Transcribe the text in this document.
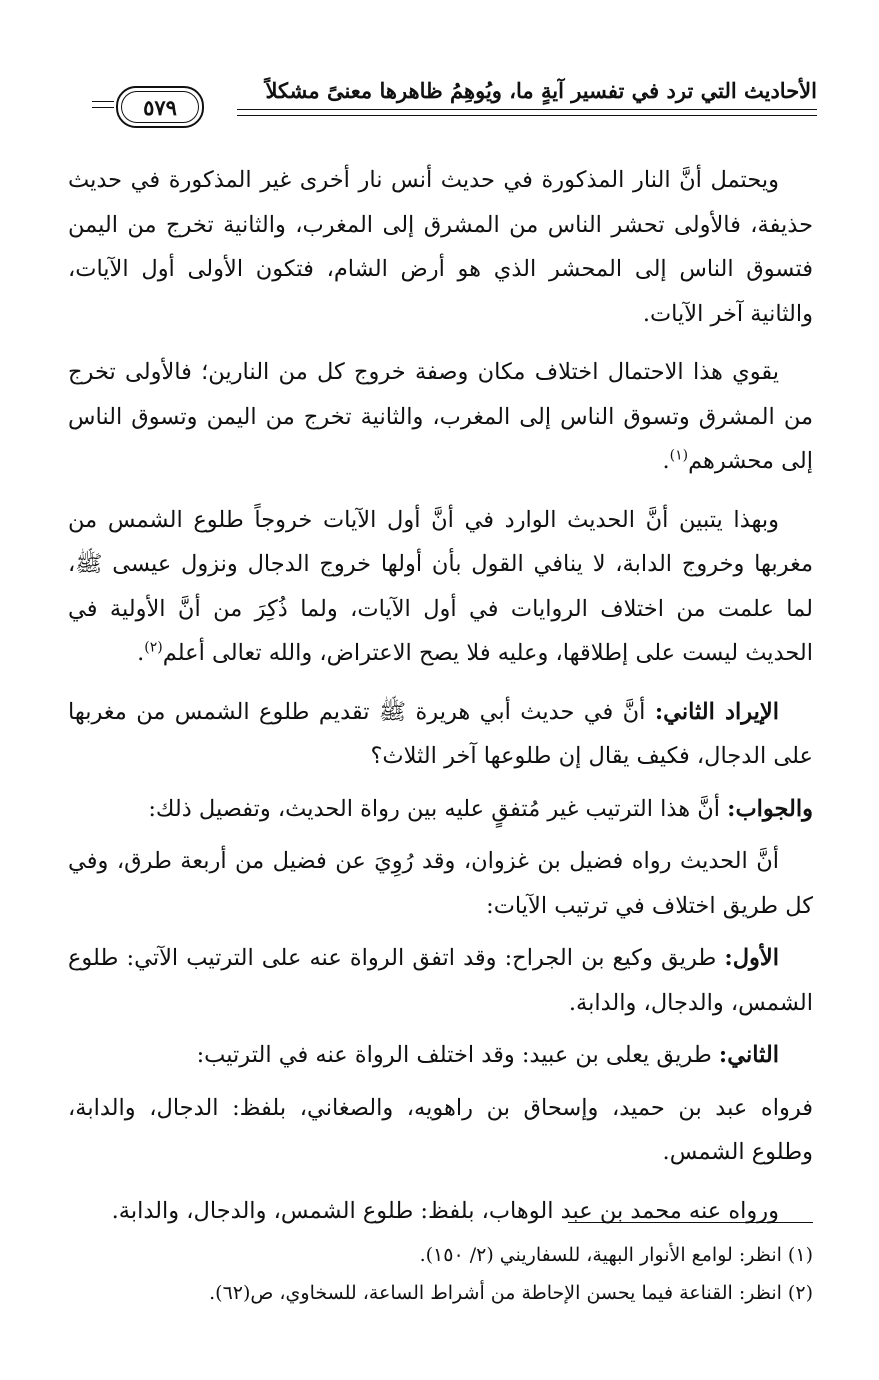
الأحاديث التي ترد في تفسير آيةٍ ما، ويُوهِمُ ظاهرها معنىً مشكلاً
٥٧٩

ويحتمل أنَّ النار المذكورة في حديث أنس نار أخرى غير المذكورة في حديث حذيفة، فالأولى تحشر الناس من المشرق إلى المغرب، والثانية تخرج من اليمن فتسوق الناس إلى المحشر الذي هو أرض الشام، فتكون الأولى أول الآيات، والثانية آخر الآيات.

يقوي هذا الاحتمال اختلاف مكان وصفة خروج كل من النارين؛ فالأولى تخرج من المشرق وتسوق الناس إلى المغرب، والثانية تخرج من اليمن وتسوق الناس إلى محشرهم$^{(١)}$.

وبهذا يتبين أنَّ الحديث الوارد في أنَّ أول الآيات خروجاً طلوع الشمس من مغربها وخروج الدابة، لا ينافي القول بأن أولها خروج الدجال ونزول عيسى ﷺ، لما علمت من اختلاف الروايات في أول الآيات، ولما ذُكِرَ من أنَّ الأولية في الحديث ليست على إطلاقها، وعليه فلا يصح الاعتراض، والله تعالى أعلم$^{(٢)}$.

الإيراد الثاني: أنَّ في حديث أبي هريرة ﷺ تقديم طلوع الشمس من مغربها على الدجال، فكيف يقال إن طلوعها آخر الثلاث؟

والجواب: أنَّ هذا الترتيب غير مُتفقٍ عليه بين رواة الحديث، وتفصيل ذلك:

أنَّ الحديث رواه فضيل بن غزوان، وقد رُوِيَ عن فضيل من أربعة طرق، وفي كل طريق اختلاف في ترتيب الآيات:

الأول: طريق وكيع بن الجراح: وقد اتفق الرواة عنه على الترتيب الآتي: طلوع الشمس، والدجال، والدابة.

الثاني: طريق يعلى بن عبيد: وقد اختلف الرواة عنه في الترتيب:

فرواه عبد بن حميد، وإسحاق بن راهويه، والصغاني، بلفظ: الدجال، والدابة، وطلوع الشمس.

ورواه عنه محمد بن عبد الوهاب، بلفظ: طلوع الشمس، والدجال، والدابة.

(١) انظر: لوامع الأنوار البهية، للسفاريني (٢/ ١٥٠).

(٢) انظر: القناعة فيما يحسن الإحاطة من أشراط الساعة، للسخاوي، ص(٦٢).
